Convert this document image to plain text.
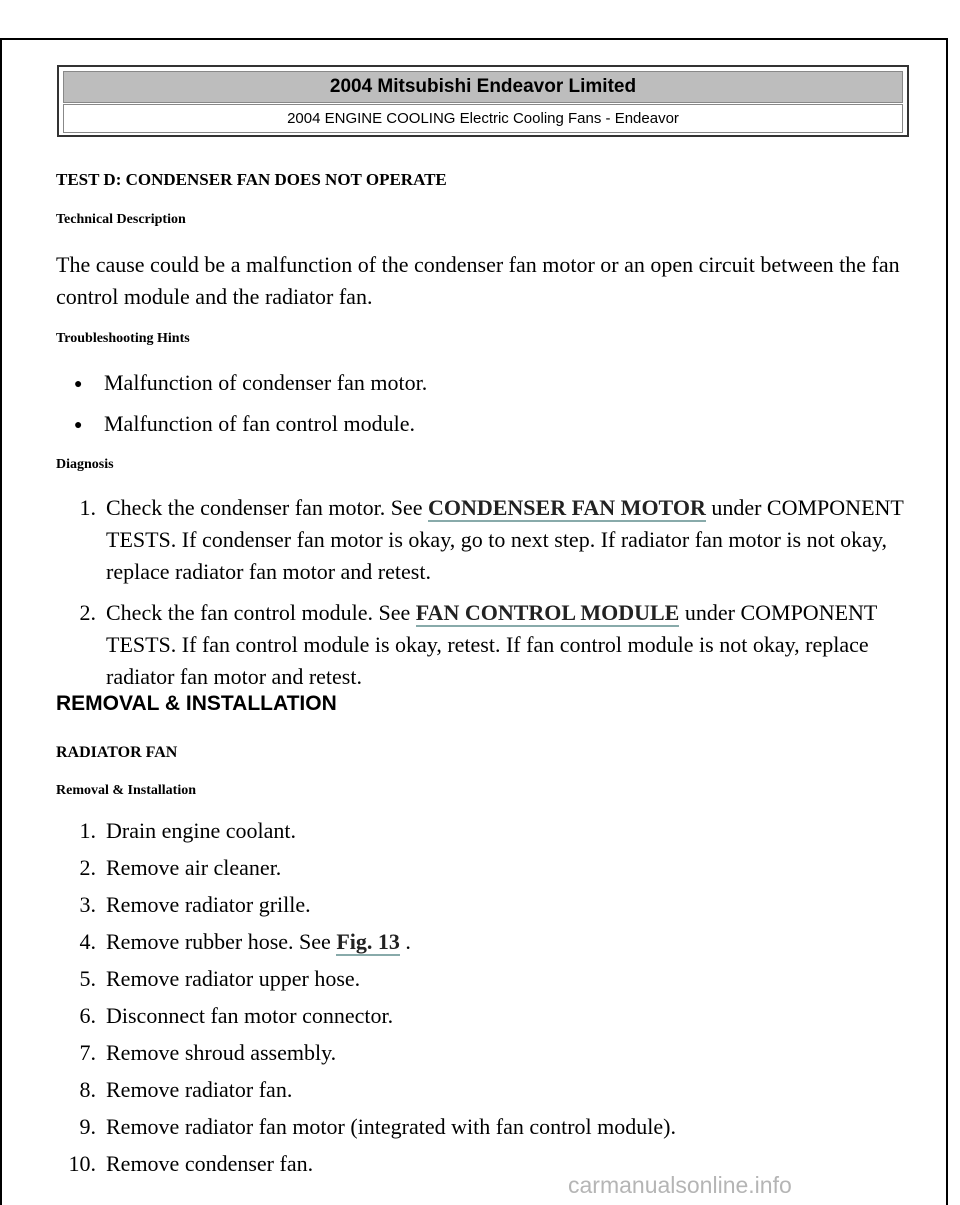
2004 Mitsubishi Endeavor Limited
2004 ENGINE COOLING Electric Cooling Fans - Endeavor
TEST D: CONDENSER FAN DOES NOT OPERATE
Technical Description
The cause could be a malfunction of the condenser fan motor or an open circuit between the fan control module and the radiator fan.
Troubleshooting Hints
● Malfunction of condenser fan motor.
● Malfunction of fan control module.
Diagnosis
1. Check the condenser fan motor. See CONDENSER FAN MOTOR under COMPONENT TESTS. If condenser fan motor is okay, go to next step. If radiator fan motor is not okay, replace radiator fan motor and retest.
2. Check the fan control module. See FAN CONTROL MODULE under COMPONENT TESTS. If fan control module is okay, retest. If fan control module is not okay, replace radiator fan motor and retest.
REMOVAL & INSTALLATION
RADIATOR FAN
Removal & Installation
1. Drain engine coolant.
2. Remove air cleaner.
3. Remove radiator grille.
4. Remove rubber hose. See Fig. 13 .
5. Remove radiator upper hose.
6. Disconnect fan motor connector.
7. Remove shroud assembly.
8. Remove radiator fan.
9. Remove radiator fan motor (integrated with fan control module).
10. Remove condenser fan.
carmanualsonline.info
